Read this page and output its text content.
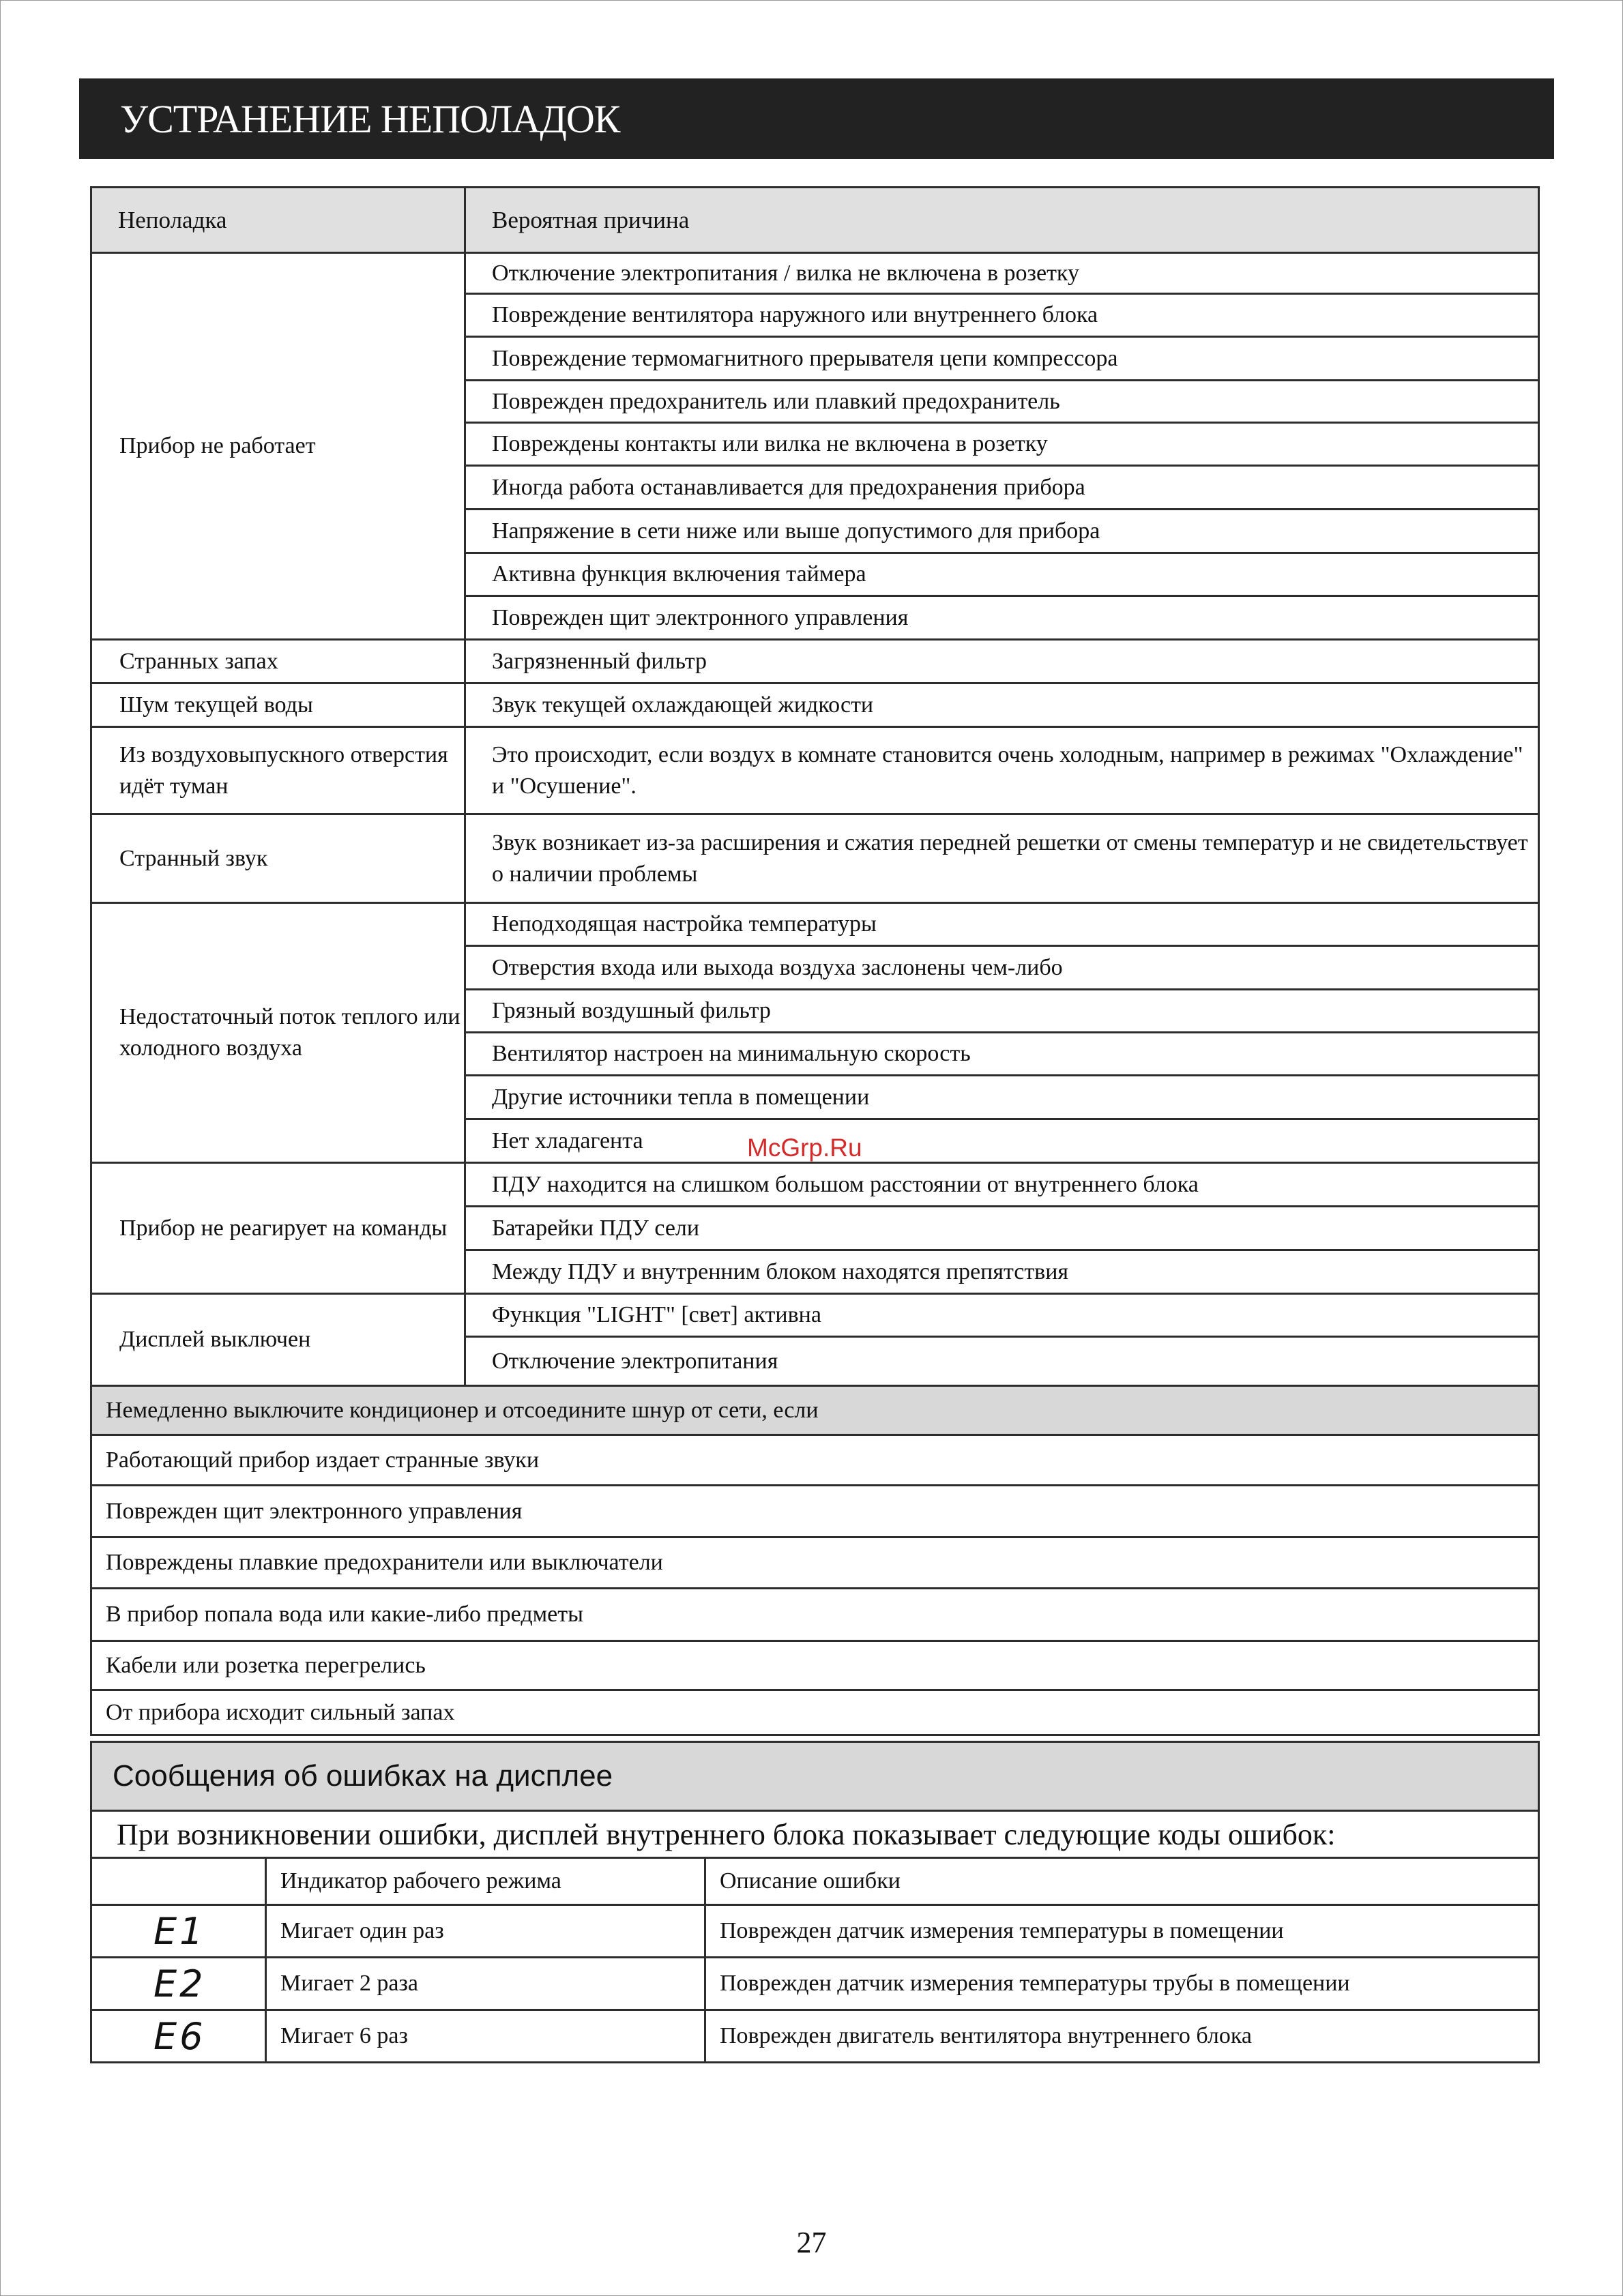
УСТРАНЕНИЕ НЕПОЛАДОК
Неполадка	Вероятная причина
Прибор не работает	Отключение электропитания / вилка не включена в розетку
	Повреждение вентилятора наружного или внутреннего блока
	Повреждение термомагнитного прерывателя цепи компрессора
	Поврежден предохранитель или плавкий предохранитель
	Повреждены контакты или вилка не включена в розетку
	Иногда работа останавливается для предохранения прибора
	Напряжение в сети ниже или выше допустимого для прибора
	Активна функция включения таймера
	Поврежден щит электронного управления
Странных запах	Загрязненный фильтр
Шум текущей воды	Звук текущей охлаждающей жидкости
Из воздуховыпускного отверстия идёт туман	Это происходит, если воздух в комнате становится очень холодным, например в режимах "Охлаждение" и "Осушение".
Странный звук	Звук возникает из-за расширения и сжатия передней решетки от смены температур и не свидетельствует о наличии проблемы
Недостаточный поток теплого или холодного воздуха	Неподходящая настройка температуры
	Отверстия входа или выхода воздуха заслонены чем-либо
	Грязный воздушный фильтр
	Вентилятор настроен на минимальную скорость
	Другие источники тепла в помещении
	Нет хладагента
Прибор не реагирует на команды	ПДУ находится на слишком большом расстоянии от внутреннего блока
	Батарейки ПДУ сели
	Между ПДУ и внутренним блоком находятся препятствия
Дисплей выключен	Функция "LIGHT" [свет] активна
	Отключение электропитания
Немедленно выключите кондиционер и отсоедините шнур от сети, если	
Работающий прибор издает странные звуки	
Поврежден щит электронного управления	
Повреждены плавкие предохранители или выключатели	
В прибор попала вода или какие-либо предметы	
Кабели или розетка перегрелись	
От прибора исходит сильный запах	
Сообщения об ошибках на дисплее		
При возникновении ошибки, дисплей внутреннего блока показывает следующие коды ошибок:		
	Индикатор рабочего режима	Описание ошибки
E1	Мигает один раз	Поврежден датчик измерения температуры в помещении
E2	Мигает 2 раза	Поврежден датчик измерения температуры трубы в помещении
E6	Мигает 6 раз	Поврежден двигатель вентилятора внутреннего блока
McGrp.Ru
27
